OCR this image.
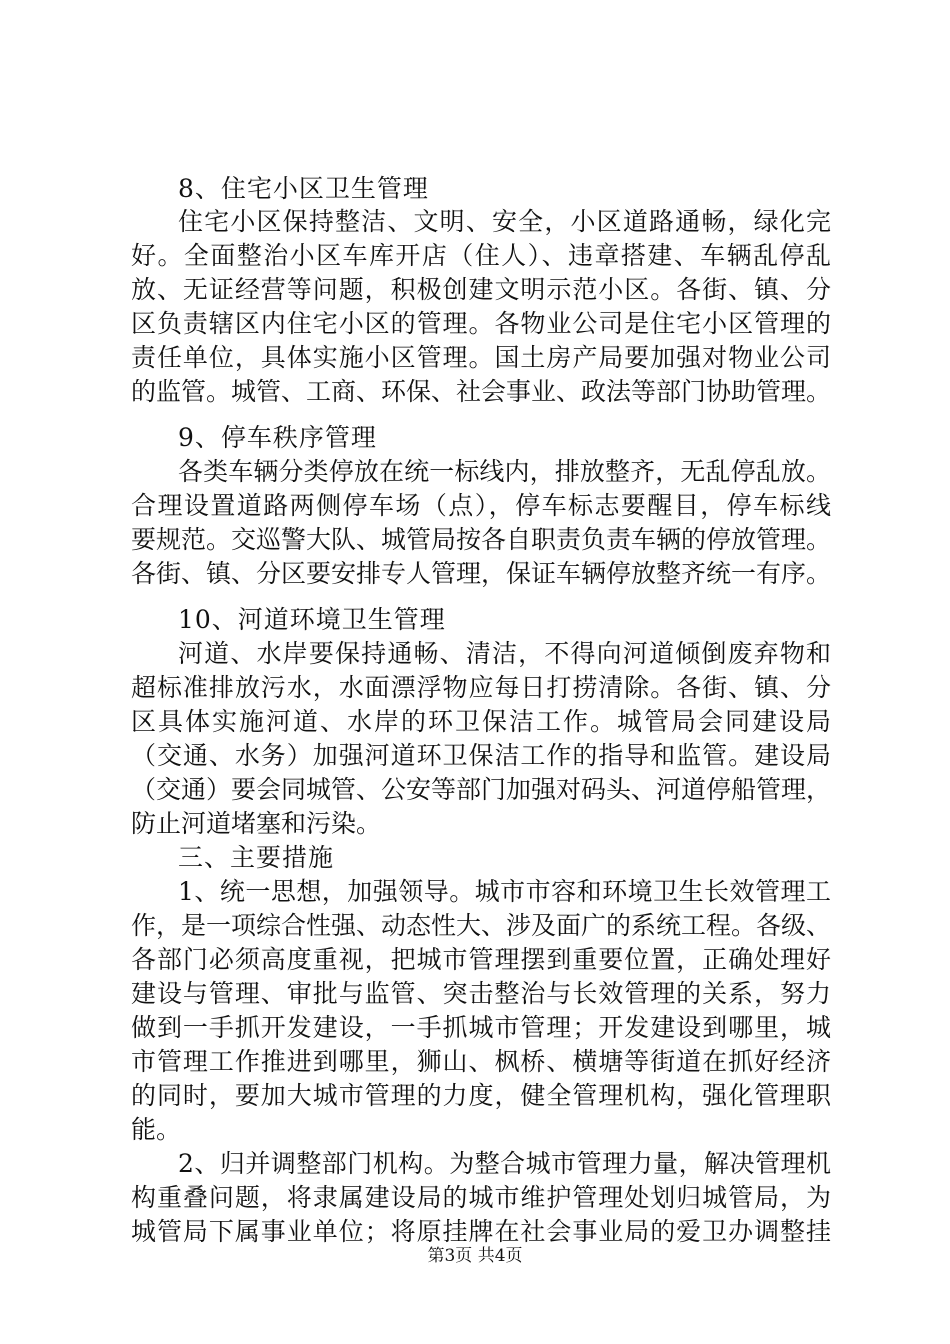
8、住宅小区卫生管理
住宅小区保持整洁、文明、安全，小区道路通畅，绿化完
好。全面整治小区车库开店（住人）、违章搭建、车辆乱停乱
放、无证经营等问题，积极创建文明示范小区。各街、镇、分
区负责辖区内住宅小区的管理。各物业公司是住宅小区管理的
责任单位，具体实施小区管理。国土房产局要加强对物业公司
的监管。城管、工商、环保、社会事业、政法等部门协助管理。
9、停车秩序管理
各类车辆分类停放在统一标线内，排放整齐，无乱停乱放。
合理设置道路两侧停车场（点），停车标志要醒目，停车标线
要规范。交巡警大队、城管局按各自职责负责车辆的停放管理。
各街、镇、分区要安排专人管理，保证车辆停放整齐统一有序。
10、河道环境卫生管理
河道、水岸要保持通畅、清洁，不得向河道倾倒废弃物和
超标准排放污水，水面漂浮物应每日打捞清除。各街、镇、分
区具体实施河道、水岸的环卫保洁工作。城管局会同建设局
（交通、水务）加强河道环卫保洁工作的指导和监管。建设局
（交通）要会同城管、公安等部门加强对码头、河道停船管理，
防止河道堵塞和污染。
三、主要措施
1、统一思想，加强领导。城市市容和环境卫生长效管理工
作，是一项综合性强、动态性大、涉及面广的系统工程。各级、
各部门必须高度重视，把城市管理摆到重要位置，正确处理好
建设与管理、审批与监管、突击整治与长效管理的关系，努力
做到一手抓开发建设，一手抓城市管理；开发建设到哪里，城
市管理工作推进到哪里，狮山、枫桥、横塘等街道在抓好经济
的同时，要加大城市管理的力度，健全管理机构，强化管理职
能。
2、归并调整部门机构。为整合城市管理力量，解决管理机
构重叠问题，将隶属建设局的城市维护管理处划归城管局，为
城管局下属事业单位；将原挂牌在社会事业局的爱卫办调整挂
第3页 共4页
